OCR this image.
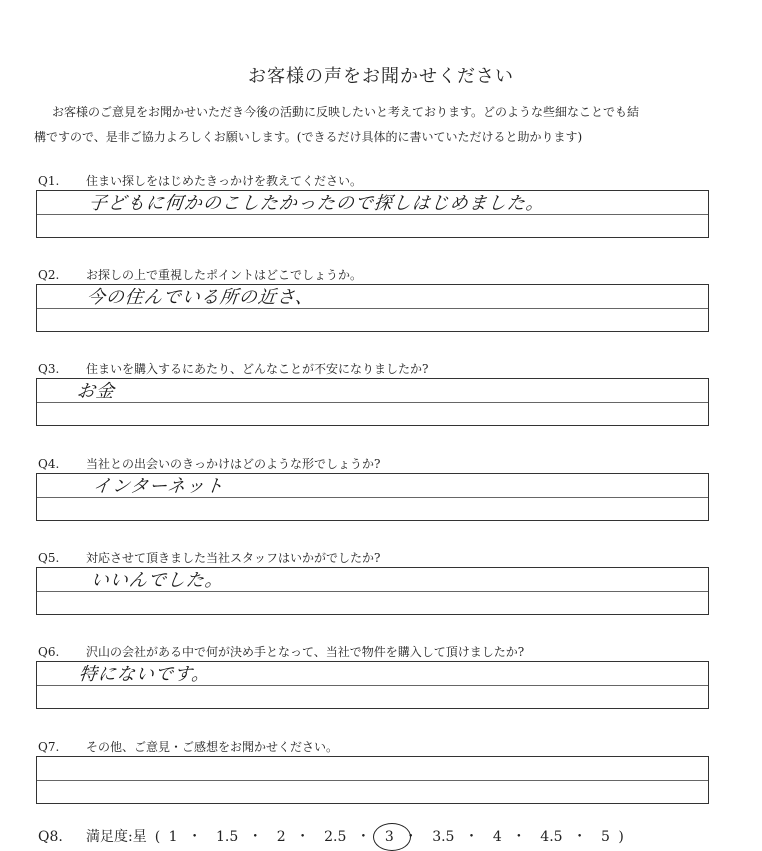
お客様の声をお聞かせください
お客様のご意見をお聞かせいただき今後の活動に反映したいと考えております。どのような些細なことでも結
構ですので、是非ご協力よろしくお願いします。(できるだけ具体的に書いていただけると助かります)
Q1. 住まい探しをはじめたきっかけを教えてください。
子どもに何かのこしたかったので探しはじめました。
Q2. お探しの上で重視したポイントはどこでしょうか。
今の住んでいる所の近さ、
Q3. 住まいを購入するにあたり、どんなことが不安になりましたか?
お金
Q4. 当社との出会いのきっかけはどのような形でしょうか?
インターネット
Q5. 対応させて頂きました当社スタッフはいかがでしたか?
いいんでした。
Q6. 沢山の会社がある中で何が決め手となって、当社で物件を購入して頂けましたか?
特にないです。
Q7. その他、ご意見・ご感想をお聞かせください。
Q8. 満足度:星 ( 1 ・ 1.5 ・ 2 ・ 2.5 ・ 3 ・ 3.5 ・ 4 ・ 4.5 ・ 5 )
